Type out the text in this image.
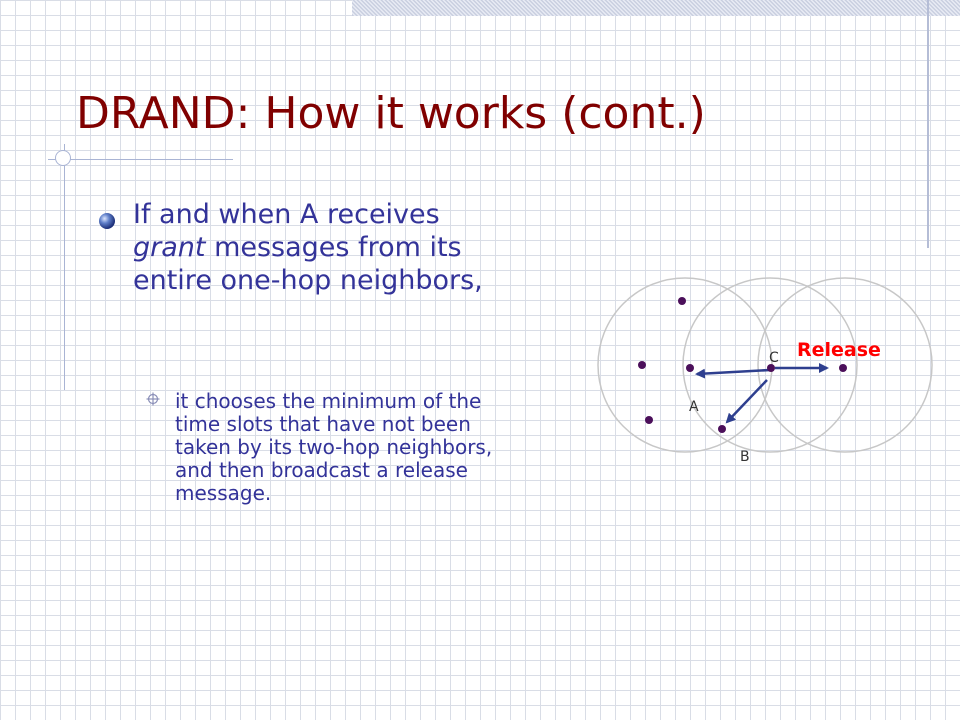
DRAND: How it works (cont.)

If and when A receives grant messages from its entire one-hop neighbors,

it chooses the minimum of the time slots that have not been taken by its two-hop neighbors, and then broadcast a release message.

A
B
C Release
